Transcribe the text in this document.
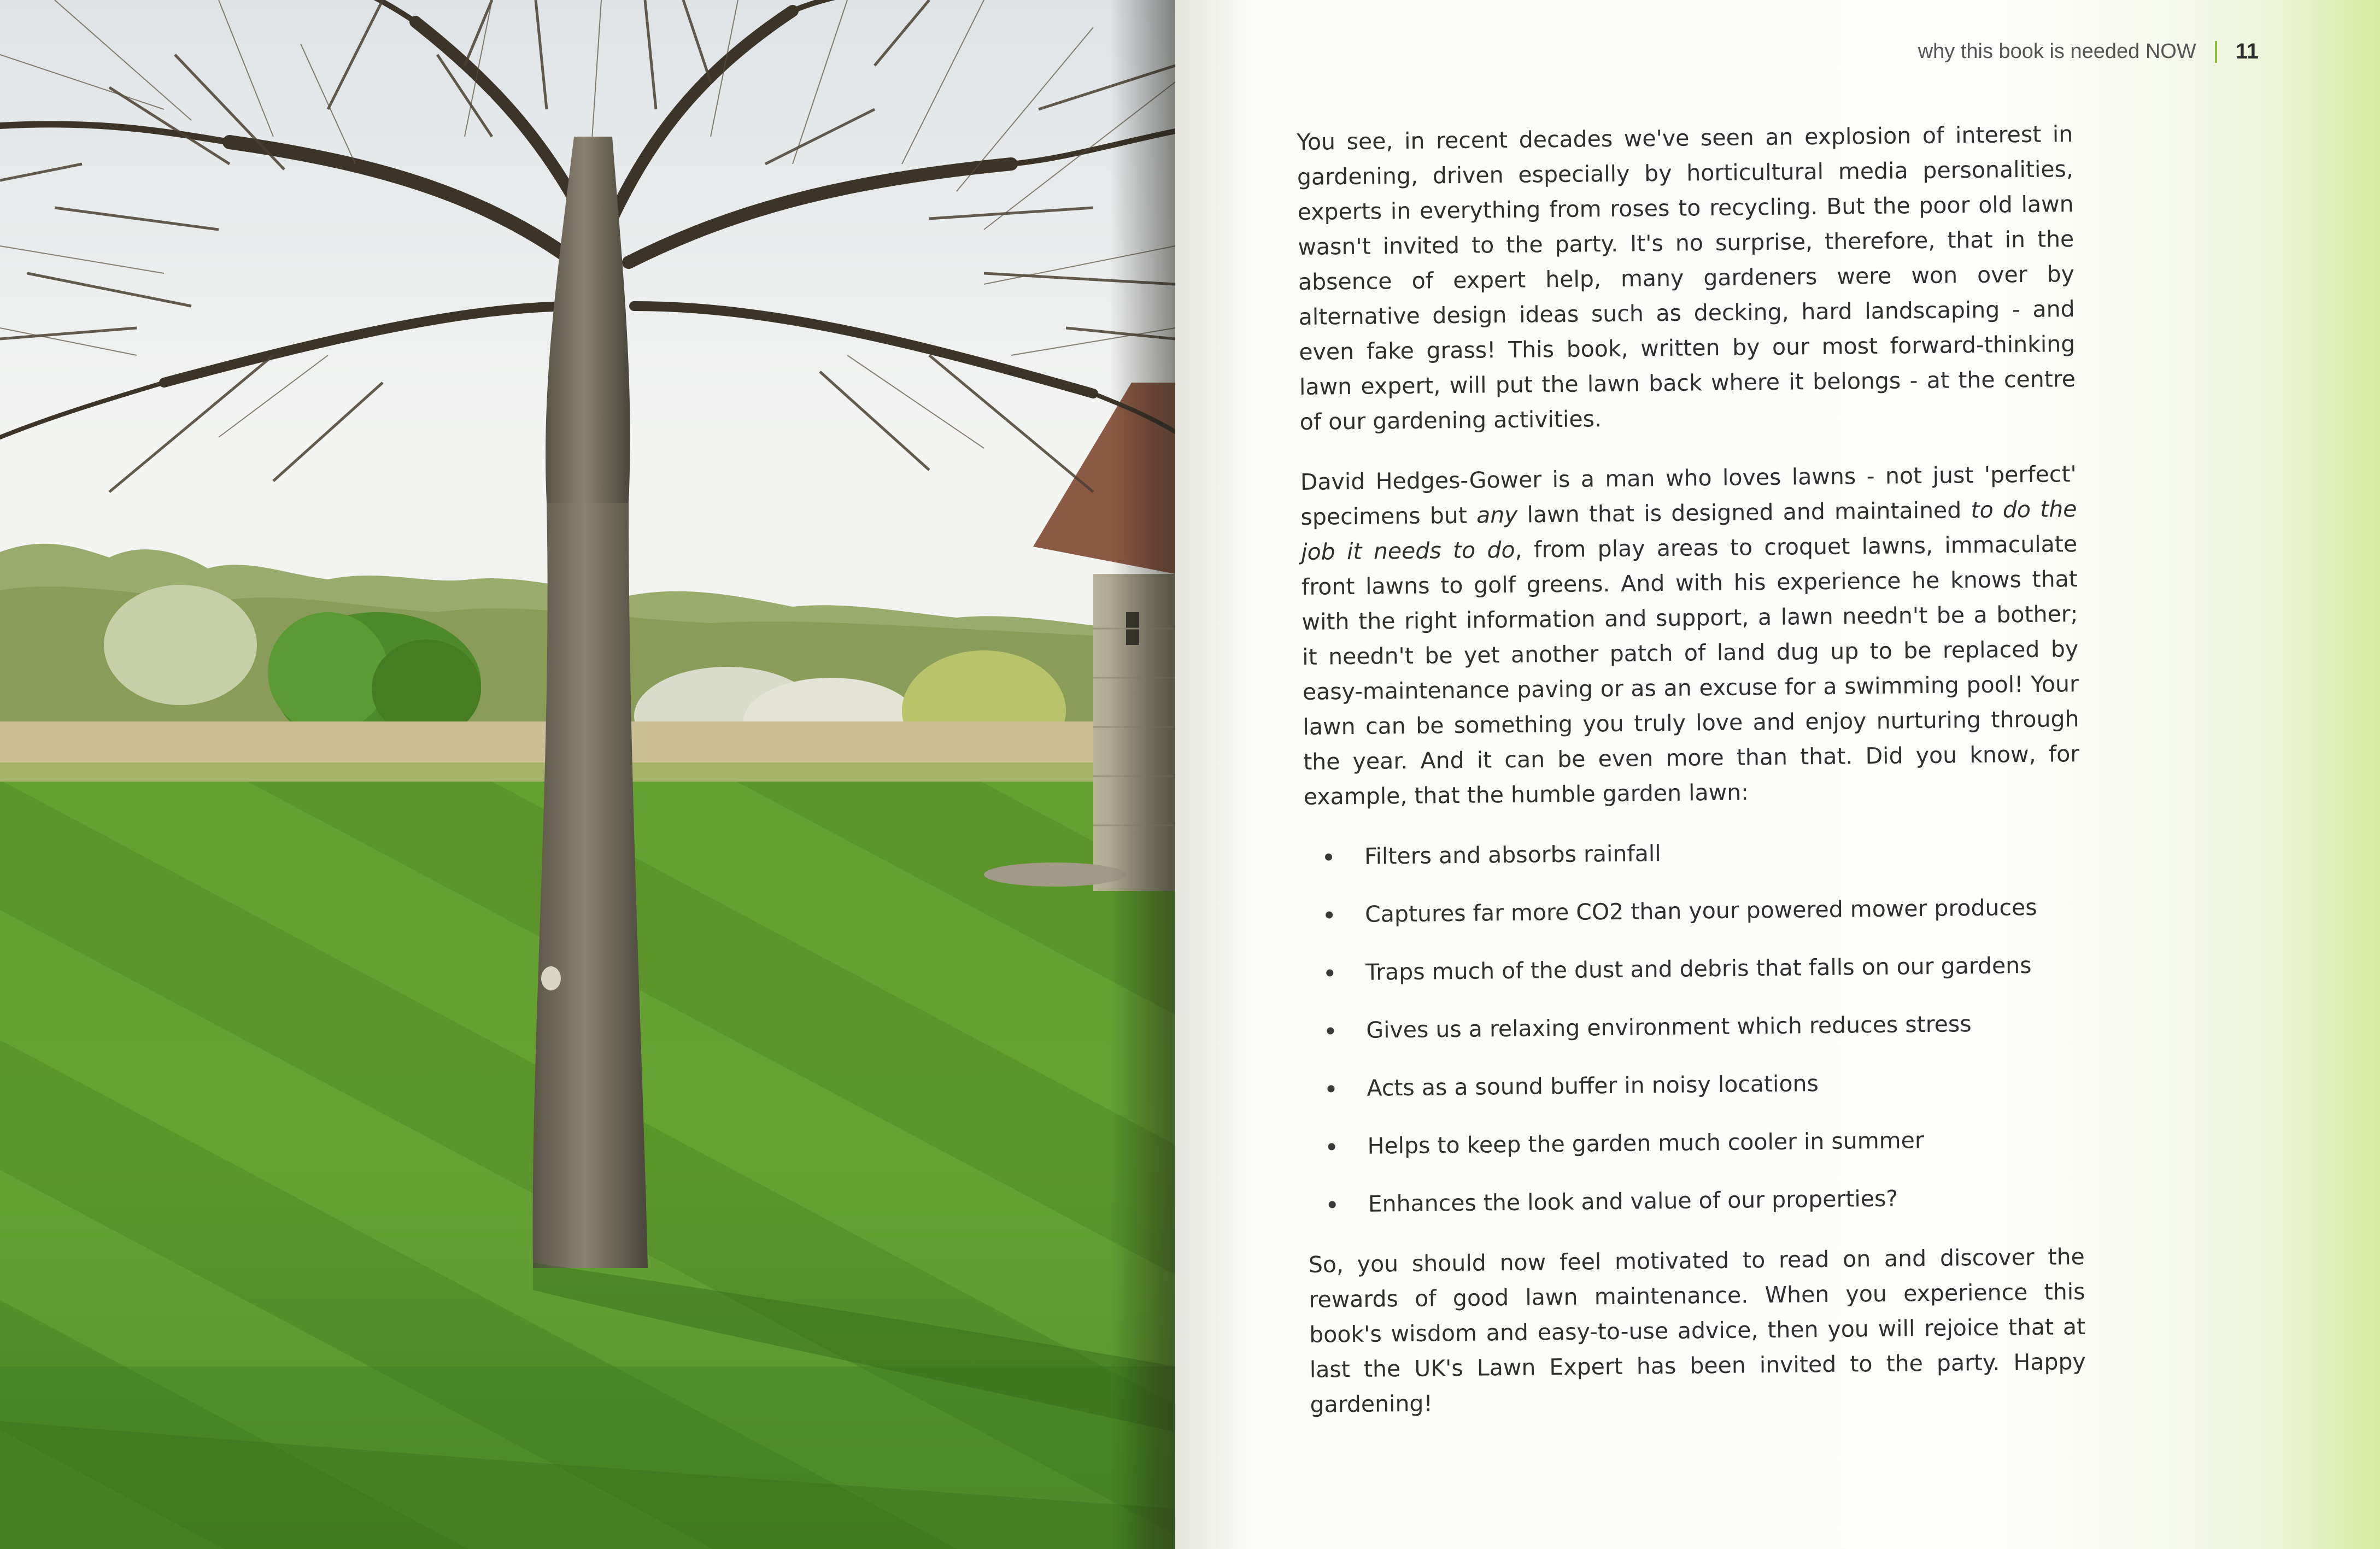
why this book is needed NOW 11

You see, in recent decades we've seen an explosion of interest in gardening, driven especially by horticultural media personalities, experts in everything from roses to recycling. But the poor old lawn wasn't invited to the party. It's no surprise, therefore, that in the absence of expert help, many gardeners were won over by alternative design ideas such as decking, hard landscaping - and even fake grass! This book, written by our most forward-thinking lawn expert, will put the lawn back where it belongs - at the centre of our gardening activities.

David Hedges-Gower is a man who loves lawns - not just 'perfect' specimens but any lawn that is designed and maintained to do the job it needs to do, from play areas to croquet lawns, immaculate front lawns to golf greens. And with his experience he knows that with the right information and support, a lawn needn't be a bother; it needn't be yet another patch of land dug up to be replaced by easy-maintenance paving or as an excuse for a swimming pool! Your lawn can be something you truly love and enjoy nurturing through the year. And it can be even more than that. Did you know, for example, that the humble garden lawn:

Filters and absorbs rainfall
Captures far more CO2 than your powered mower produces
Traps much of the dust and debris that falls on our gardens
Gives us a relaxing environment which reduces stress
Acts as a sound buffer in noisy locations
Helps to keep the garden much cooler in summer
Enhances the look and value of our properties?

So, you should now feel motivated to read on and discover the rewards of good lawn maintenance. When you experience this book's wisdom and easy-to-use advice, then you will rejoice that at last the UK's Lawn Expert has been invited to the party. Happy gardening!
